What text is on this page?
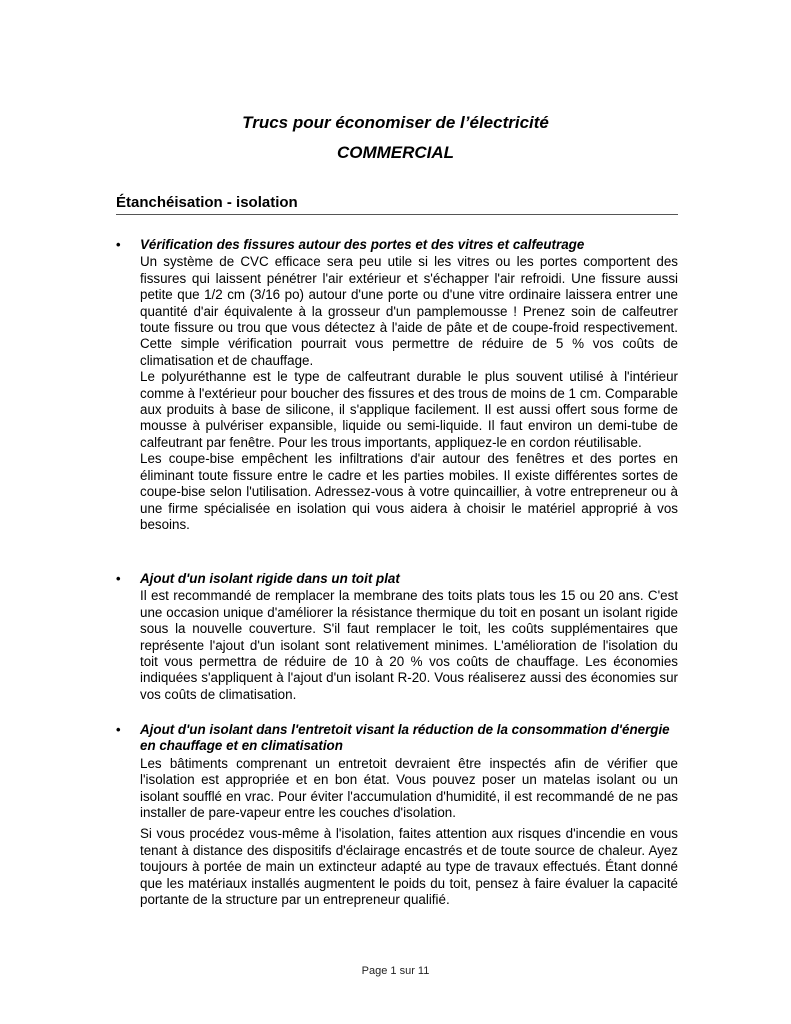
Trucs pour économiser de l’électricité
COMMERCIAL
Étanchéisation - isolation
• Vérification des fissures autour des portes et des vitres et calfeutrage

Un système de CVC efficace sera peu utile si les vitres ou les portes comportent des fissures qui laissent pénétrer l'air extérieur et s'échapper l'air refroidi. Une fissure aussi petite que 1/2 cm (3/16 po) autour d'une porte ou d'une vitre ordinaire laissera entrer une quantité d'air équivalente à la grosseur d'un pamplemousse ! Prenez soin de calfeutrer toute fissure ou trou que vous détectez à l'aide de pâte et de coupe-froid respectivement. Cette simple vérification pourrait vous permettre de réduire de 5 % vos coûts de climatisation et de chauffage.

Le polyuréthanne est le type de calfeutrant durable le plus souvent utilisé à l'intérieur comme à l'extérieur pour boucher des fissures et des trous de moins de 1 cm. Comparable aux produits à base de silicone, il s'applique facilement. Il est aussi offert sous forme de mousse à pulvériser expansible, liquide ou semi-liquide. Il faut environ un demi-tube de calfeutrant par fenêtre. Pour les trous importants, appliquez-le en cordon réutilisable.

Les coupe-bise empêchent les infiltrations d'air autour des fenêtres et des portes en éliminant toute fissure entre le cadre et les parties mobiles. Il existe différentes sortes de coupe-bise selon l'utilisation. Adressez-vous à votre quincaillier, à votre entrepreneur ou à une firme spécialisée en isolation qui vous aidera à choisir le matériel approprié à vos besoins.

• Ajout d'un isolant rigide dans un toit plat

Il est recommandé de remplacer la membrane des toits plats tous les 15 ou 20 ans. C'est une occasion unique d'améliorer la résistance thermique du toit en posant un isolant rigide sous la nouvelle couverture. S'il faut remplacer le toit, les coûts supplémentaires que représente l'ajout d'un isolant sont relativement minimes. L'amélioration de l'isolation du toit vous permettra de réduire de 10 à 20 % vos coûts de chauffage. Les économies indiquées s'appliquent à l'ajout d'un isolant R-20. Vous réaliserez aussi des économies sur vos coûts de climatisation.

• Ajout d'un isolant dans l'entretoit visant la réduction de la consommation d'énergie en chauffage et en climatisation

Les bâtiments comprenant un entretoit devraient être inspectés afin de vérifier que l'isolation est appropriée et en bon état. Vous pouvez poser un matelas isolant ou un isolant soufflé en vrac. Pour éviter l'accumulation d'humidité, il est recommandé de ne pas installer de pare-vapeur entre les couches d'isolation.

Si vous procédez vous-même à l'isolation, faites attention aux risques d'incendie en vous tenant à distance des dispositifs d'éclairage encastrés et de toute source de chaleur. Ayez toujours à portée de main un extincteur adapté au type de travaux effectués. Étant donné que les matériaux installés augmentent le poids du toit, pensez à faire évaluer la capacité portante de la structure par un entrepreneur qualifié.

Page 1 sur 11
